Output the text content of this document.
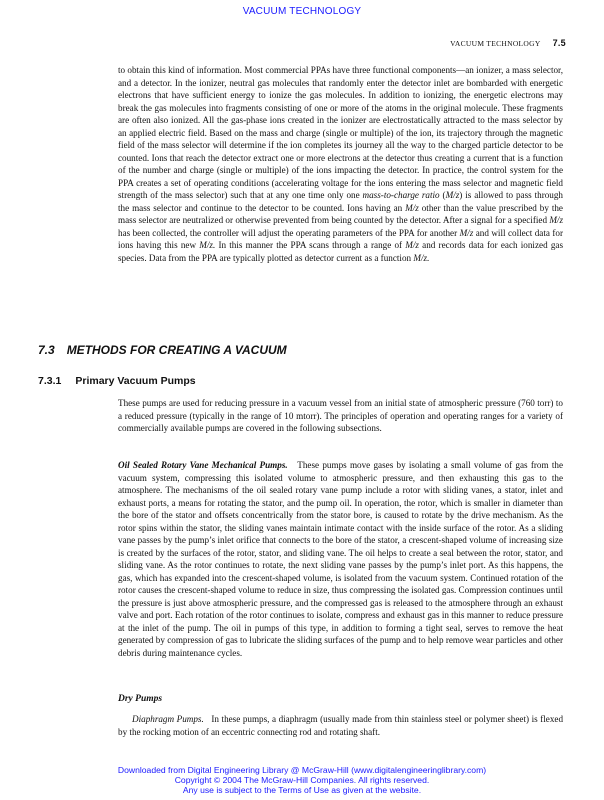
VACUUM TECHNOLOGY
VACUUM TECHNOLOGY 7.5

to obtain this kind of information. Most commercial PPAs have three functional components—an ionizer, a mass selector, and a detector. In the ionizer, neutral gas molecules that randomly enter the detector inlet are bombarded with energetic electrons that have sufficient energy to ionize the gas molecules. In addition to ionizing, the energetic electrons may break the gas molecules into fragments consisting of one or more of the atoms in the original molecule. These fragments are often also ionized. All the gas-phase ions created in the ionizer are electrostatically attracted to the mass selector by an applied electric field. Based on the mass and charge (single or multiple) of the ion, its trajectory through the magnetic field of the mass selector will determine if the ion completes its journey all the way to the charged particle detector to be counted. Ions that reach the detector extract one or more electrons at the detector thus creating a current that is a function of the number and charge (single or multiple) of the ions impacting the detector. In practice, the control system for the PPA creates a set of operating conditions (accelerating voltage for the ions entering the mass selector and magnetic field strength of the mass selector) such that at any one time only one mass-to-charge ratio (M/z) is allowed to pass through the mass selector and continue to the detector to be counted. Ions having an M/z other than the value prescribed by the mass selector are neutralized or otherwise prevented from being counted by the detector. After a signal for a specified M/z has been collected, the controller will adjust the operating parameters of the PPA for another M/z and will collect data for ions having this new M/z. In this manner the PPA scans through a range of M/z and records data for each ionized gas species. Data from the PPA are typically plotted as detector current as a function M/z.

7.3 METHODS FOR CREATING A VACUUM
7.3.1 Primary Vacuum Pumps

These pumps are used for reducing pressure in a vacuum vessel from an initial state of atmospheric pressure (760 torr) to a reduced pressure (typically in the range of 10 mtorr). The principles of operation and operating ranges for a variety of commercially available pumps are covered in the following subsections.

Oil Sealed Rotary Vane Mechanical Pumps. These pumps move gases by isolating a small volume of gas from the vacuum system, compressing this isolated volume to atmospheric pressure, and then exhausting this gas to the atmosphere. The mechanisms of the oil sealed rotary vane pump include a rotor with sliding vanes, a stator, inlet and exhaust ports, a means for rotating the stator, and the pump oil. In operation, the rotor, which is smaller in diameter than the bore of the stator and offsets concentrically from the stator bore, is caused to rotate by the drive mechanism. As the rotor spins within the stator, the sliding vanes maintain intimate contact with the inside surface of the rotor. As a sliding vane passes by the pump’s inlet orifice that connects to the bore of the stator, a crescent-shaped volume of increasing size is created by the surfaces of the rotor, stator, and sliding vane. The oil helps to create a seal between the rotor, stator, and sliding vane. As the rotor continues to rotate, the next sliding vane passes by the pump’s inlet port. As this happens, the gas, which has expanded into the crescent-shaped volume, is isolated from the vacuum system. Continued rotation of the rotor causes the crescent-shaped volume to reduce in size, thus compressing the isolated gas. Compression continues until the pressure is just above atmospheric pressure, and the compressed gas is released to the atmosphere through an exhaust valve and port. Each rotation of the rotor continues to isolate, compress and exhaust gas in this manner to reduce pressure at the inlet of the pump. The oil in pumps of this type, in addition to forming a tight seal, serves to remove the heat generated by compression of gas to lubricate the sliding surfaces of the pump and to help remove wear particles and other debris during maintenance cycles.

Dry Pumps

Diaphragm Pumps. In these pumps, a diaphragm (usually made from thin stainless steel or polymer sheet) is flexed by the rocking motion of an eccentric connecting rod and rotating shaft.

Downloaded from Digital Engineering Library @ McGraw-Hill (www.digitalengineeringlibrary.com)
Copyright © 2004 The McGraw-Hill Companies. All rights reserved.
Any use is subject to the Terms of Use as given at the website.
